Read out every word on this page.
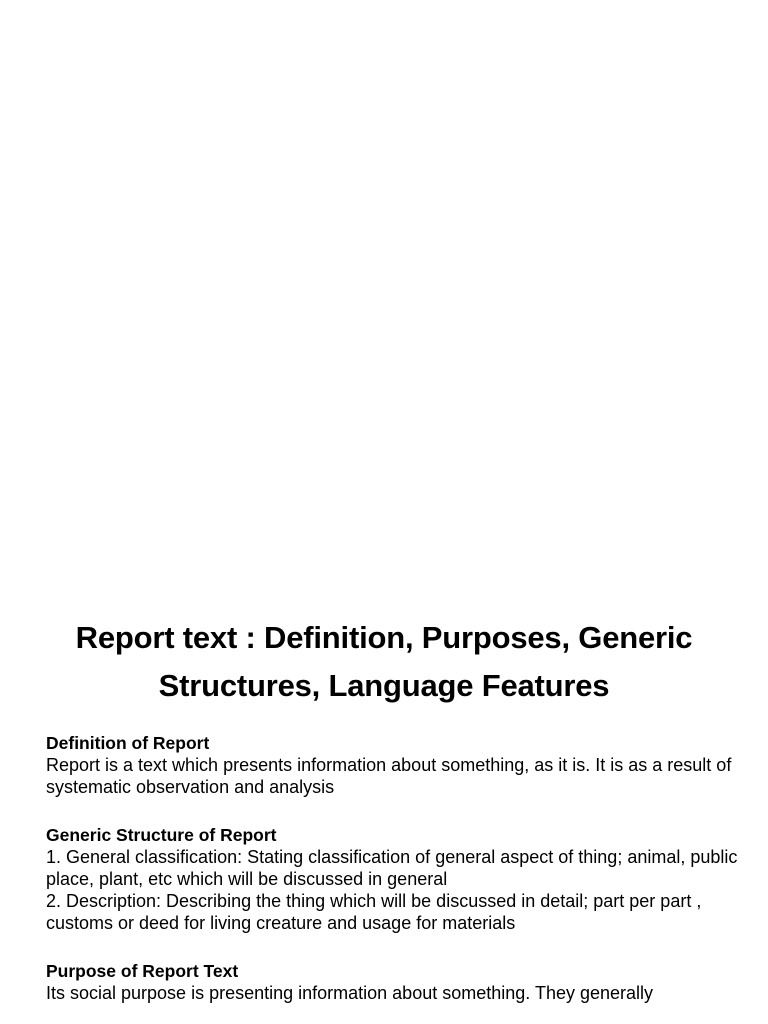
Report text : Definition, Purposes, Generic Structures, Language Features

Definition of Report

Report is a text which presents information about something, as it is. It is as a result of systematic observation and analysis

Generic Structure of Report

1. General classification: Stating classification of general aspect of thing; animal, public place, plant, etc which will be discussed in general

2. Description: Describing the thing which will be discussed in detail; part per part , customs or deed for living creature and usage for materials

Purpose of Report Text

Its social purpose is presenting information about something. They generally
